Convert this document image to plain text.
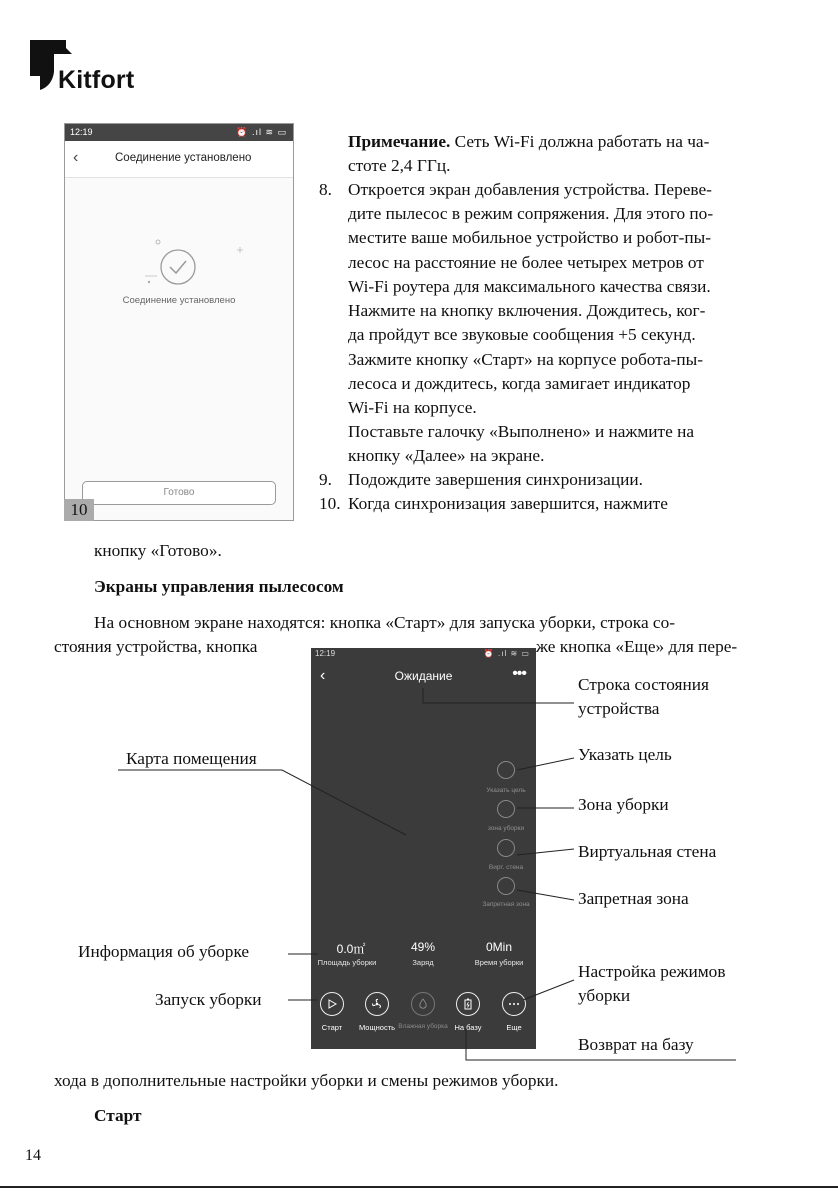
Kitfort
12:19	⏰ .ıl ≋ ▭
‹	Соединение установлено
Соединение установлено
Готово
10
Примечание. Сеть Wi-Fi должна работать на ча-
стоте 2,4 ГГц.
8. Откроется экран добавления устройства. Переве-
дите пылесос в режим сопряжения. Для этого по-
местите ваше мобильное устройство и робот-пы-
лесос на расстояние не более четырех метров от
Wi-Fi роутера для максимального качества связи.
Нажмите на кнопку включения. Дождитесь, ког-
да пройдут все звуковые сообщения +5 секунд.
Зажмите кнопку «Старт» на корпусе робота-пы-
лесоса и дождитесь, когда замигает индикатор
Wi-Fi на корпусе.
Поставьте галочку «Выполнено» и нажмите на
кнопку «Далее» на экране.
9. Подождите завершения синхронизации.
10. Когда синхронизация завершится, нажмите
кнопку «Готово».
Экраны управления пылесосом
На основном экране находятся: кнопка «Старт» для запуска уборки, строка со-
стояния устройства, кнопка	же кнопка «Еще» для пере-
хода в дополнительные настройки уборки и смены режимов уборки.
Старт
14
12:19	⏰ .ıl ≋ ▭
‹	Ожидание	•••
Указать цель
зона уборки
Вирт. стена
Запретная зона
0.0㎡
Площадь уборки
49%
Заряд
0Min
Время уборки
Старт	Мощность Влажная уборка На базу	Еще
Строка состояния
устройства
Карта помещения	Указать цель
Зона уборки
Виртуальная стена
Запретная зона
Информация об уборке
Настройка режимов
уборки
Запуск уборки
Возврат на базу
